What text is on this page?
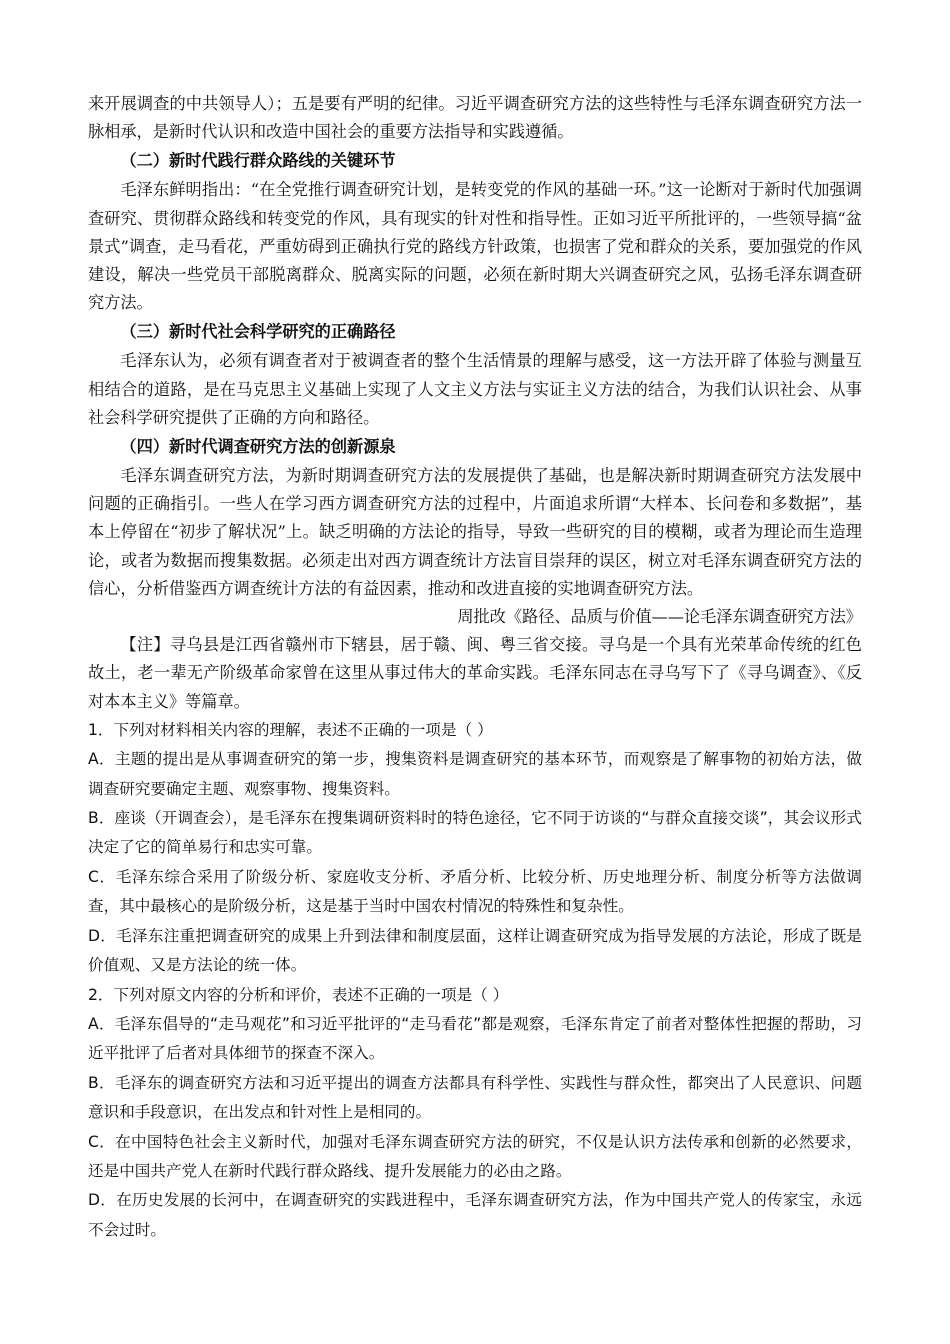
来开展调查的中共领导人）；五是要有严明的纪律。习近平调查研究方法的这些特性与毛泽东调查研究方法一脉相承，是新时代认识和改造中国社会的重要方法指导和实践遵循。

（二）新时代践行群众路线的关键环节

毛泽东鲜明指出：“在全党推行调查研究计划，是转变党的作风的基础一环。”这一论断对于新时代加强调查研究、贯彻群众路线和转变党的作风，具有现实的针对性和指导性。正如习近平所批评的，一些领导搞“盆景式”调查，走马看花，严重妨碍到正确执行党的路线方针政策，也损害了党和群众的关系，要加强党的作风建设，解决一些党员干部脱离群众、脱离实际的问题，必须在新时期大兴调查研究之风，弘扬毛泽东调查研究方法。

（三）新时代社会科学研究的正确路径

毛泽东认为，必须有调查者对于被调查者的整个生活情景的理解与感受，这一方法开辟了体验与测量互相结合的道路，是在马克思主义基础上实现了人文主义方法与实证主义方法的结合，为我们认识社会、从事社会科学研究提供了正确的方向和路径。

（四）新时代调查研究方法的创新源泉

毛泽东调查研究方法，为新时期调查研究方法的发展提供了基础，也是解决新时期调查研究方法发展中问题的正确指引。一些人在学习西方调查研究方法的过程中，片面追求所谓“大样本、长问卷和多数据”，基本上停留在“初步了解状况”上。缺乏明确的方法论的指导，导致一些研究的目的模糊，或者为理论而生造理论，或者为数据而搜集数据。必须走出对西方调查统计方法盲目崇拜的误区，树立对毛泽东调查研究方法的信心，分析借鉴西方调查统计方法的有益因素，推动和改进直接的实地调查研究方法。

周批改《路径、品质与价值——论毛泽东调查研究方法》

【注】寻乌县是江西省赣州市下辖县，居于赣、闽、粤三省交接。寻乌是一个具有光荣革命传统的红色故土，老一辈无产阶级革命家曾在这里从事过伟大的革命实践。毛泽东同志在寻乌写下了《寻乌调查》、《反对本本主义》等篇章。

1．下列对材料相关内容的理解，表述不正确的一项是（ ）

A．主题的提出是从事调查研究的第一步，搜集资料是调查研究的基本环节，而观察是了解事物的初始方法，做调查研究要确定主题、观察事物、搜集资料。

B．座谈（开调查会），是毛泽东在搜集调研资料时的特色途径，它不同于访谈的“与群众直接交谈”，其会议形式决定了它的简单易行和忠实可靠。

C．毛泽东综合采用了阶级分析、家庭收支分析、矛盾分析、比较分析、历史地理分析、制度分析等方法做调查，其中最核心的是阶级分析，这是基于当时中国农村情况的特殊性和复杂性。

D．毛泽东注重把调查研究的成果上升到法律和制度层面，这样让调查研究成为指导发展的方法论，形成了既是价值观、又是方法论的统一体。

2．下列对原文内容的分析和评价，表述不正确的一项是（ ）

A．毛泽东倡导的“走马观花”和习近平批评的“走马看花”都是观察，毛泽东肯定了前者对整体性把握的帮助，习近平批评了后者对具体细节的探查不深入。

B．毛泽东的调查研究方法和习近平提出的调查方法都具有科学性、实践性与群众性，都突出了人民意识、问题意识和手段意识，在出发点和针对性上是相同的。

C．在中国特色社会主义新时代，加强对毛泽东调查研究方法的研究，不仅是认识方法传承和创新的必然要求，还是中国共产党人在新时代践行群众路线、提升发展能力的必由之路。

D．在历史发展的长河中，在调查研究的实践进程中，毛泽东调查研究方法，作为中国共产党人的传家宝，永远不会过时。
